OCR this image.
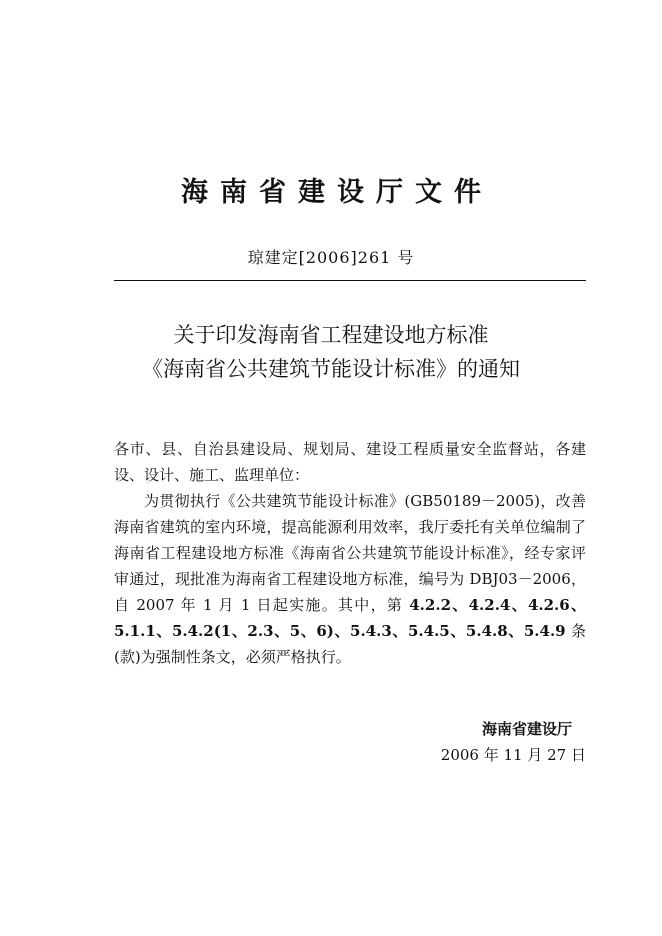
海南省建设厅文件
琼建定[2006]261 号
关于印发海南省工程建设地方标准
《海南省公共建筑节能设计标准》的通知

各市、县、自治县建设局、规划局、建设工程质量安全监督站，各建设、设计、施工、监理单位：

为贯彻执行《公共建筑节能设计标准》(GB50189－2005)，改善海南省建筑的室内环境，提高能源利用效率，我厅委托有关单位编制了海南省工程建设地方标准《海南省公共建筑节能设计标准》，经专家评审通过，现批准为海南省工程建设地方标准，编号为 DBJ03－2006，自 2007 年 1 月 1 日起实施。其中，第 4.2.2、4.2.4、4.2.6、5.1.1、5.4.2(1、2.3、5、6)、5.4.3、5.4.5、5.4.8、5.4.9 条(款)为强制性条文，必须严格执行。

海南省建设厅
2006 年 11 月 27 日
